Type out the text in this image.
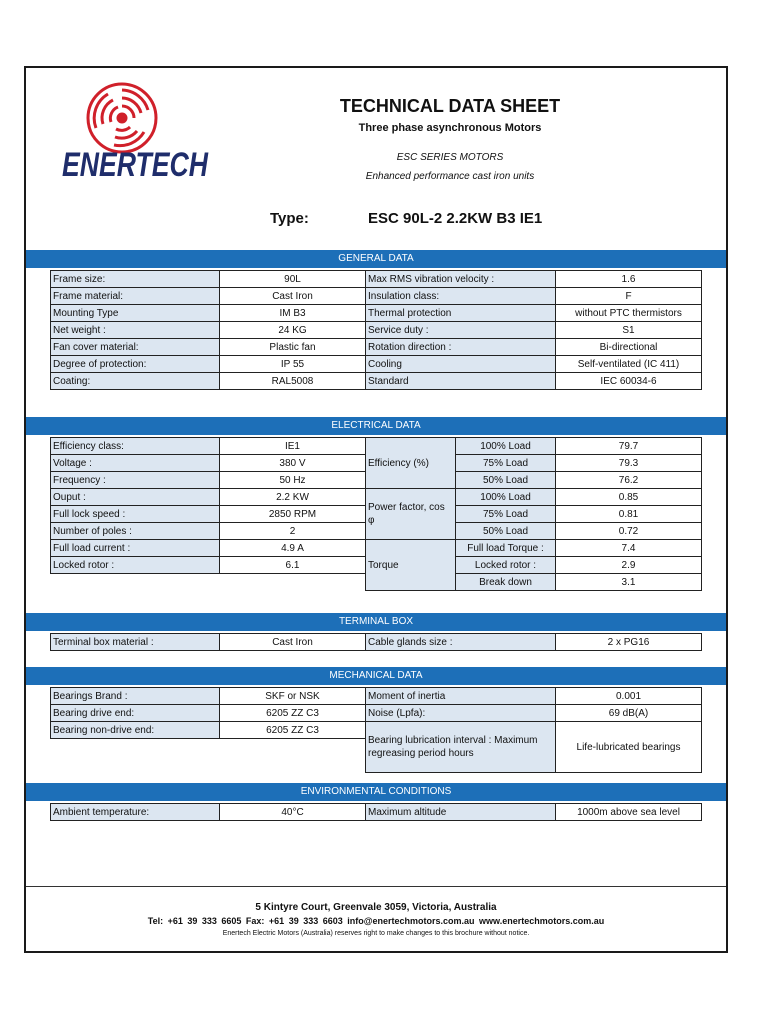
ENERTECH
TECHNICAL DATA SHEET
Three phase asynchronous Motors
ESC SERIES MOTORS
Enhanced performance cast iron units
Type:	ESC 90L-2 2.2KW B3 IE1
GENERAL DATA
Frame size:	90L	Max RMS vibration velocity :	1.6
Frame material:	Cast Iron	Insulation class:	F
Mounting Type	IM B3	Thermal protection	without PTC thermistors
Net weight :	24 KG	Service duty :	S1
Fan cover material:	Plastic fan	Rotation direction :	Bi-directional
Degree of protection:	IP 55	Cooling	Self-ventilated (IC 411)
Coating:	RAL5008	Standard	IEC 60034-6
ELECTRICAL DATA
Efficiency class:	IE1	Efficiency (%)	100% Load	79.7
Voltage :	380 V		75% Load	79.3
Frequency :	50 Hz		50% Load	76.2
Ouput :	2.2 KW	Power factor, cos φ	100% Load	0.85
Full lock speed :	2850 RPM		75% Load	0.81
Number of poles :	2		50% Load	0.72
Full load current :	4.9 A	Torque	Full load Torque :	7.4
Locked rotor :	6.1		Locked rotor :	2.9
			Break down	3.1
TERMINAL BOX
Terminal box material :	Cast Iron	Cable glands size :	2 x PG16
MECHANICAL DATA
Bearings Brand :	SKF or NSK	Moment of inertia	0.001
Bearing drive end:	6205 ZZ C3	Noise (Lpfa):	69 dB(A)
Bearing non-drive end:	6205 ZZ C3	Bearing lubrication interval : Maximum regreasing period hours	Life-lubricated bearings

ENVIRONMENTAL CONDITIONS
Ambient temperature:	40°C	Maximum altitude	1000m above sea level
5 Kintyre Court, Greenvale 3059, Victoria, Australia
Tel: +61 39 333 6605 Fax: +61 39 333 6603 info@enertechmotors.com.au www.enertechmotors.com.au
Enertech Electric Motors (Australia) reserves right to make changes to this brochure without notice.
